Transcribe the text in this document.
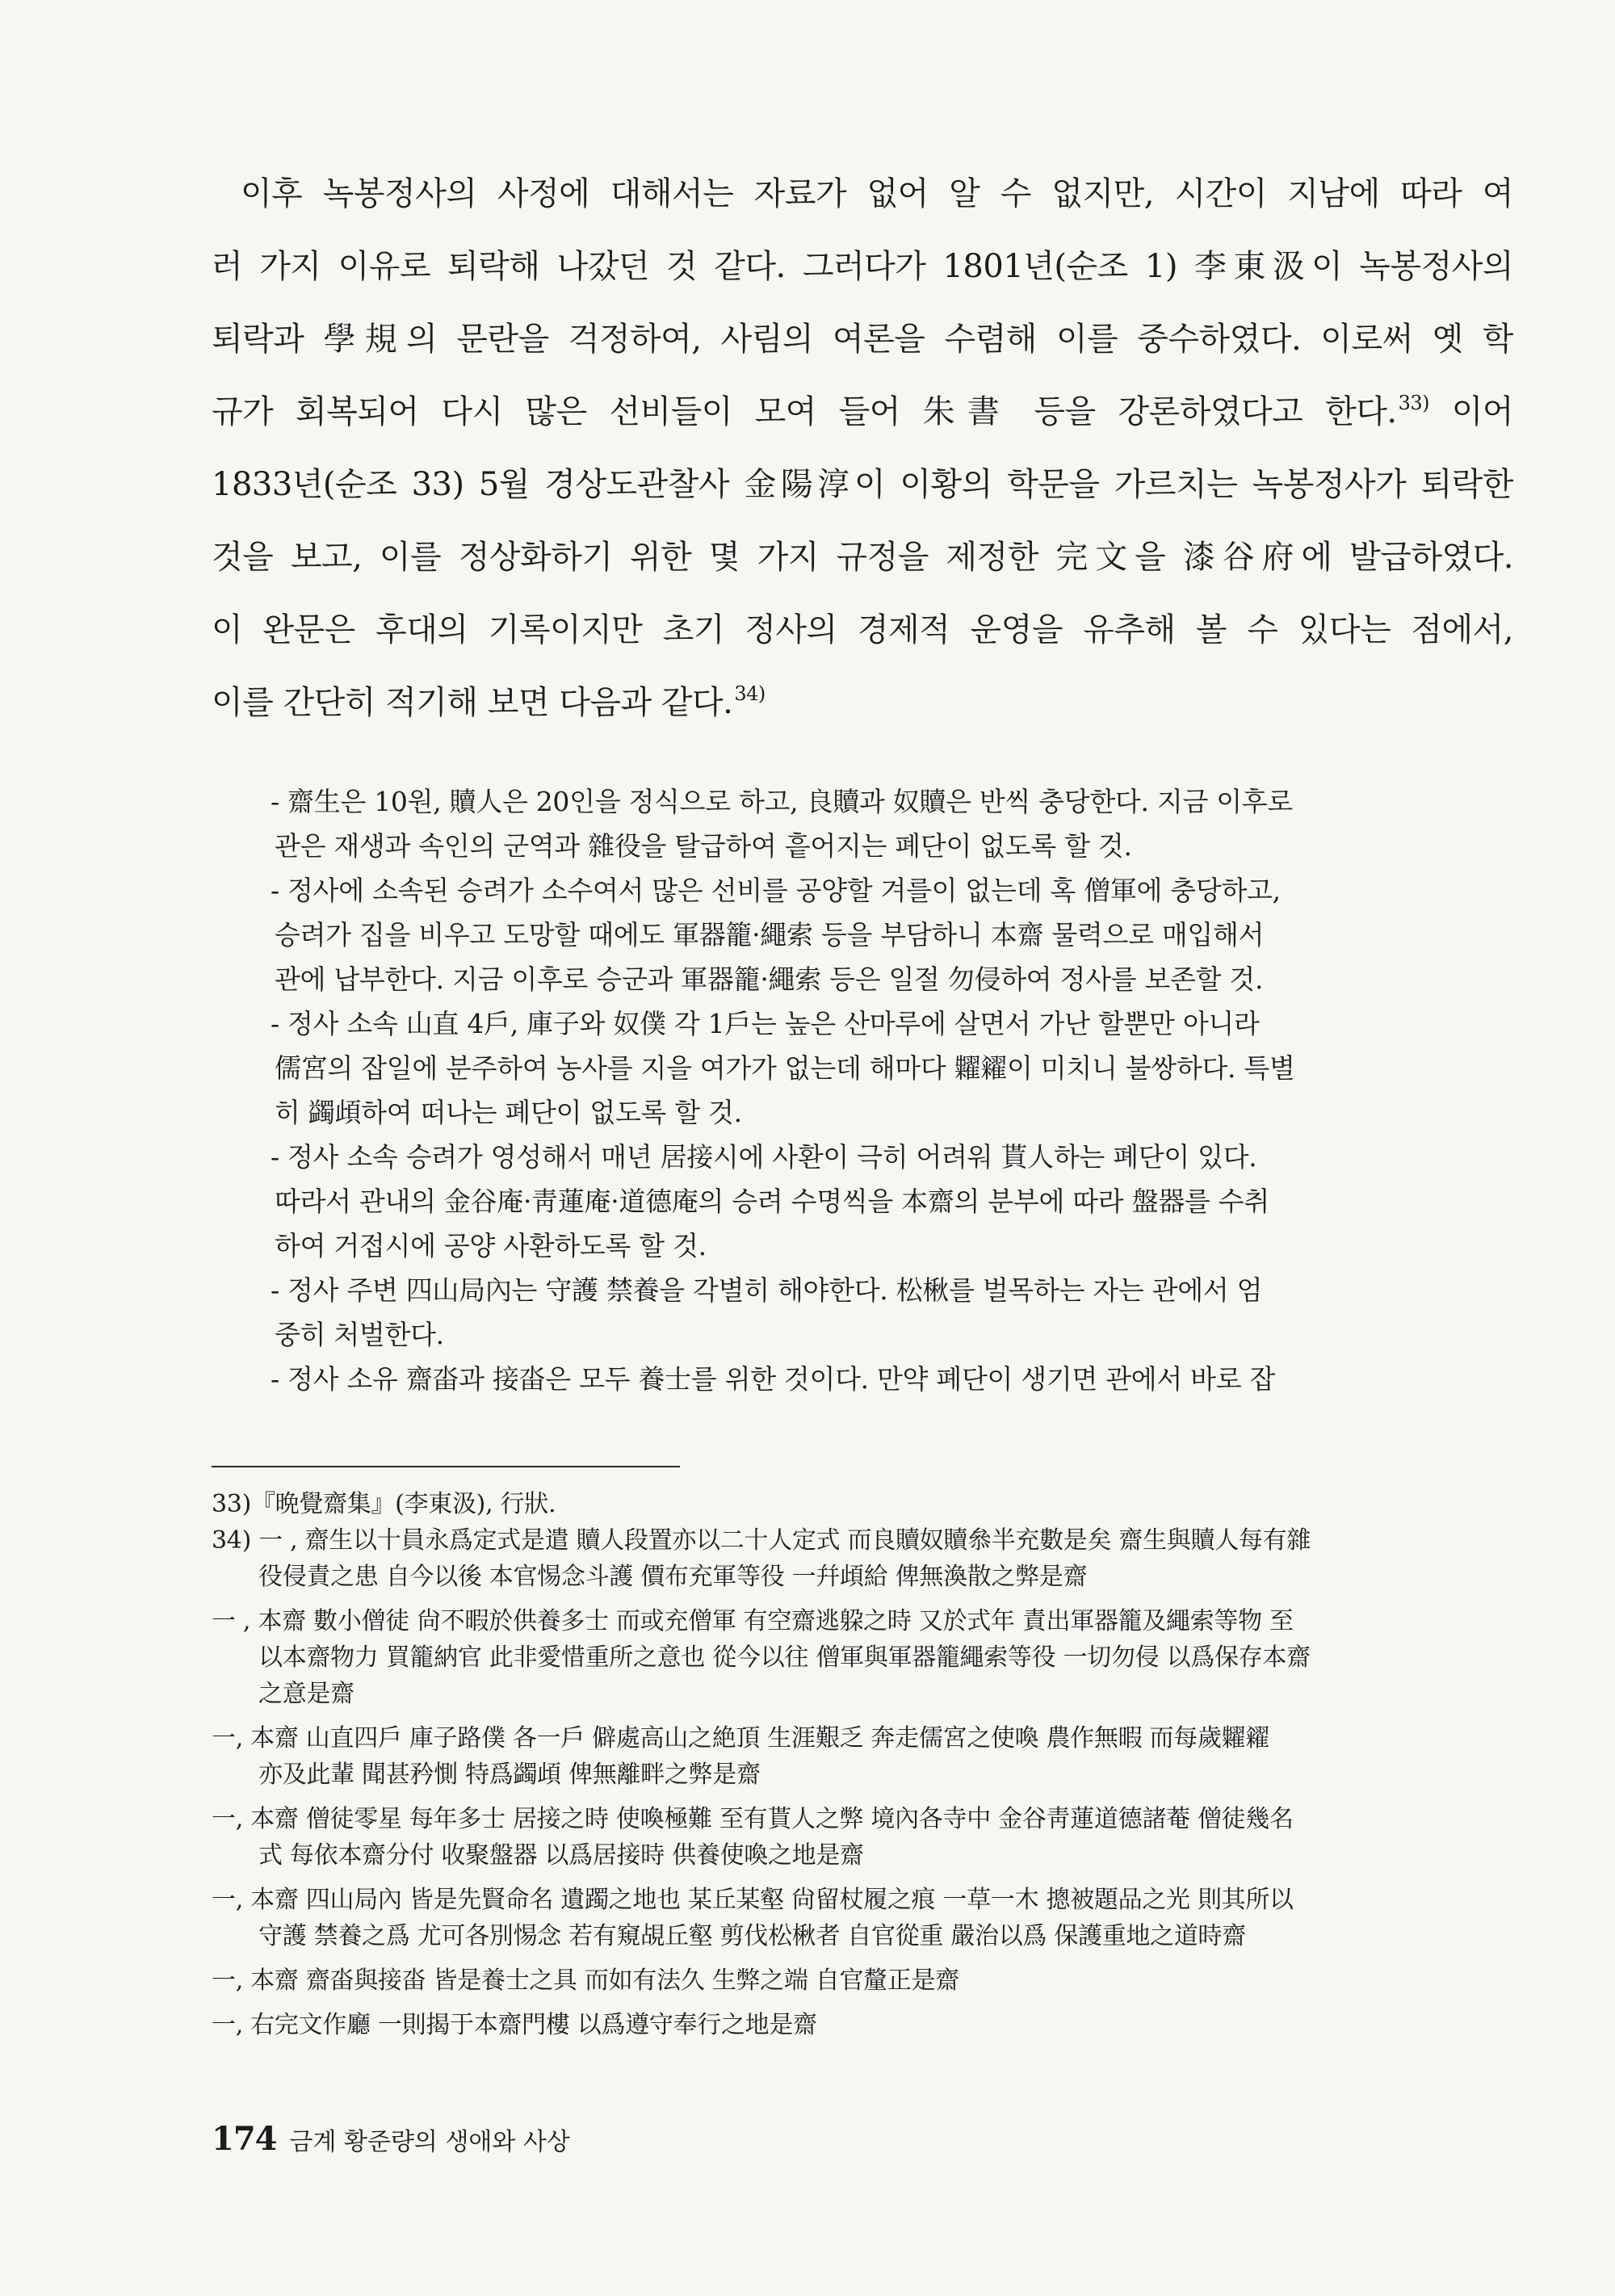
이후 녹봉정사의 사정에 대해서는 자료가 없어 알 수 없지만, 시간이 지남에 따라 여
러 가지 이유로 퇴락해 나갔던 것 같다. 그러다가 1801년(순조 1) 李東汲이 녹봉정사의
퇴락과 學規의 문란을 걱정하여, 사림의 여론을 수렴해 이를 중수하였다. 이로써 옛 학
규가 회복되어 다시 많은 선비들이 모여 들어 朱書 등을 강론하였다고 한다.$^{33)}$ 이어
1833년(순조 33) 5월 경상도관찰사 金陽淳이 이황의 학문을 가르치는 녹봉정사가 퇴락한
것을 보고, 이를 정상화하기 위한 몇 가지 규정을 제정한 完文을 漆谷府에 발급하였다.
이 완문은 후대의 기록이지만 초기 정사의 경제적 운영을 유추해 볼 수 있다는 점에서,
이를 간단히 적기해 보면 다음과 같다.$^{34)}$
- 齋生은 10원, 贖人은 20인을 정식으로 하고, 良贖과 奴贖은 반씩 충당한다. 지금 이후로
관은 재생과 속인의 군역과 雜役을 탈급하여 흩어지는 폐단이 없도록 할 것.
- 정사에 소속된 승려가 소수여서 많은 선비를 공양할 겨를이 없는데 혹 僧軍에 충당하고,
승려가 집을 비우고 도망할 때에도 軍器籠·繩索 등을 부담하니 本齋 물력으로 매입해서
관에 납부한다. 지금 이후로 승군과 軍器籠·繩索 등은 일절 勿侵하여 정사를 보존할 것.
- 정사 소속 山直 4戶, 庫子와 奴僕 각 1戶는 높은 산마루에 살면서 가난 할뿐만 아니라
儒宮의 잡일에 분주하여 농사를 지을 여가가 없는데 해마다 糶糴이 미치니 불쌍하다. 특별
히 蠲頉하여 떠나는 폐단이 없도록 할 것.
- 정사 소속 승려가 영성해서 매년 居接시에 사환이 극히 어려워 貰人하는 폐단이 있다.
따라서 관내의 金谷庵·靑蓮庵·道德庵의 승려 수명씩을 本齋의 분부에 따라 盤器를 수취
하여 거접시에 공양 사환하도록 할 것.
- 정사 주변 四山局內는 守護 禁養을 각별히 해야한다. 松楸를 벌목하는 자는 관에서 엄
중히 처벌한다.
- 정사 소유 齋畓과 接畓은 모두 養士를 위한 것이다. 만약 폐단이 생기면 관에서 바로 잡
33)『晩覺齋集』(李東汲), 行狀.
34) 一 , 齋生以十員永爲定式是遣 贖人段置亦以二十人定式 而良贖奴贖叅半充數是矣 齋生與贖人每有雜
役侵責之患 自今以後 本官惕念斗護 價布充軍等役 一幷頉給 俾無渙散之弊是齋
一 , 本齋 數小僧徒 尙不暇於供養多士 而或充僧軍 有空齋逃躱之時 又於式年 責出軍器籠及繩索等物 至
以本齋物力 買籠納官 此非愛惜重所之意也 從今以往 僧軍與軍器籠繩索等役 一切勿侵 以爲保存本齋
之意是齋
一, 本齋 山直四戶 庫子路僕 各一戶 僻處高山之絶頂 生涯艱乏 奔走儒宮之使喚 農作無暇 而每歲糶糴
亦及此輩 聞甚矜惻 特爲蠲頉 俾無離畔之弊是齋
一, 本齋 僧徒零星 每年多士 居接之時 使喚極難 至有貰人之弊 境內各寺中 金谷靑蓮道德諸菴 僧徒幾名
式 每依本齋分付 收聚盤器 以爲居接時 供養使喚之地是齋
一, 本齋 四山局內 皆是先賢命名 遺躅之地也 某丘某壑 尙留杖履之痕 一草一木 摠被題品之光 則其所以
守護 禁養之爲 尤可各別惕念 若有窺覘丘壑 剪伐松楸者 自官從重 嚴治以爲 保護重地之道時齋
一, 本齋 齋畓與接畓 皆是養士之具 而如有法久 生弊之端 自官釐正是齋
一, 右完文作廳 一則揭于本齋門樓 以爲遵守奉行之地是齋
174 금계 황준량의 생애와 사상
